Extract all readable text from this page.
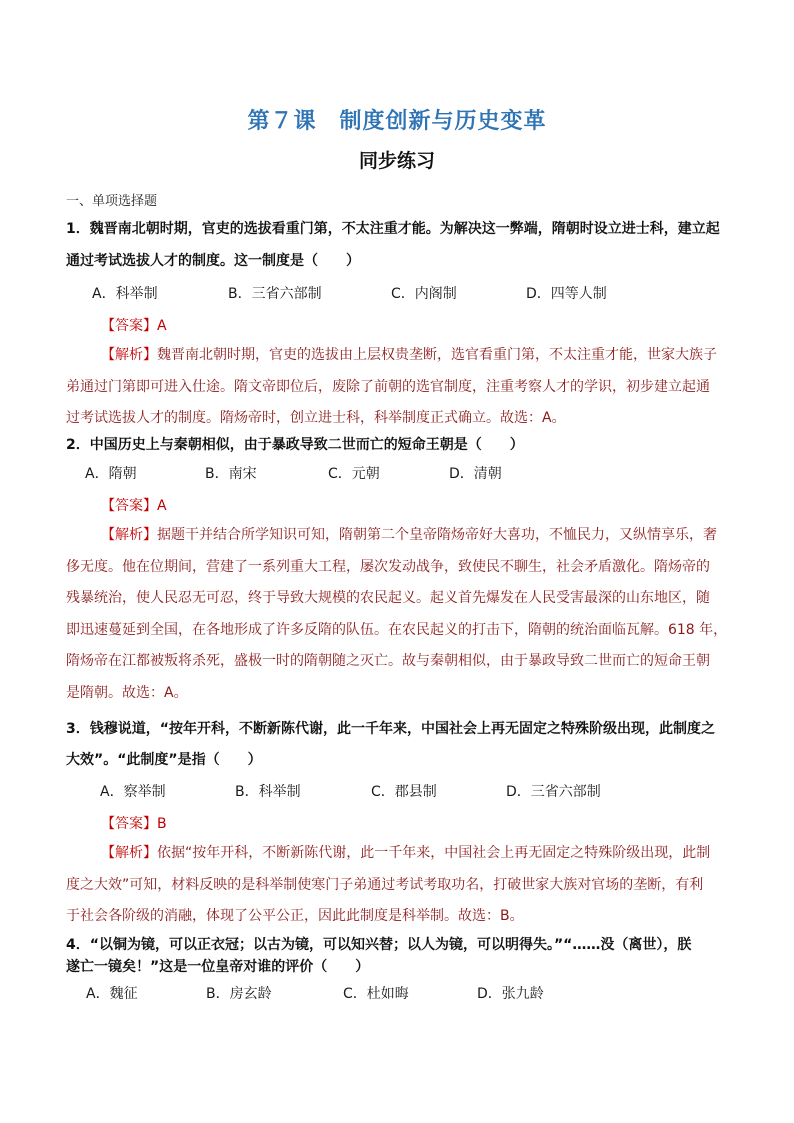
第７课　制度创新与历史变革
同步练习
一、单项选择题
1．魏晋南北朝时期，官吏的选拔看重门第，不太注重才能。为解决这一弊端，隋朝时设立进士科，建立起
通过考试选拔人才的制度。这一制度是（　　）
A．科举制	B．三省六部制	C．内阁制	D．四等人制
【答案】A

【解析】魏晋南北朝时期，官吏的选拔由上层权贵垄断，选官看重门第，不太注重才能，世家大族子

弟通过门第即可进入仕途。隋文帝即位后，废除了前朝的选官制度，注重考察人才的学识，初步建立起通

过考试选拔人才的制度。隋炀帝时，创立进士科，科举制度正式确立。故选：A。

2．中国历史上与秦朝相似，由于暴政导致二世而亡的短命王朝是（　　）
A．隋朝	B．南宋	C．元朝	D．清朝
【答案】A

【解析】据题干并结合所学知识可知，隋朝第二个皇帝隋炀帝好大喜功，不恤民力，又纵情享乐，奢

侈无度。他在位期间，营建了一系列重大工程，屡次发动战争，致使民不聊生，社会矛盾激化。隋炀帝的

残暴统治，使人民忍无可忍，终于导致大规模的农民起义。起义首先爆发在人民受害最深的山东地区，随

即迅速蔓延到全国，在各地形成了许多反隋的队伍。在农民起义的打击下，隋朝的统治面临瓦解。618 年，

隋炀帝在江都被叛将杀死，盛极一时的隋朝随之灭亡。故与秦朝相似，由于暴政导致二世而亡的短命王朝

是隋朝。故选：A。

3．钱穆说道，“按年开科，不断新陈代谢，此一千年来，中国社会上再无固定之特殊阶级出现，此制度之
大效”。“此制度”是指（　　）
A．察举制	B．科举制	C．郡县制	D．三省六部制
【答案】B

【解析】依据“按年开科，不断新陈代谢，此一千年来，中国社会上再无固定之特殊阶级出现，此制

度之大效”可知，材料反映的是科举制使寒门子弟通过考试考取功名，打破世家大族对官场的垄断，有利

于社会各阶级的消融，体现了公平公正，因此此制度是科举制。故选：B。

4．“以铜为镜，可以正衣冠；以古为镜，可以知兴替；以人为镜，可以明得失。”“……没（离世），朕
遂亡一镜矣！”这是一位皇帝对谁的评价（　　）
A．魏征	B．房玄龄	C．杜如晦	D．张九龄
